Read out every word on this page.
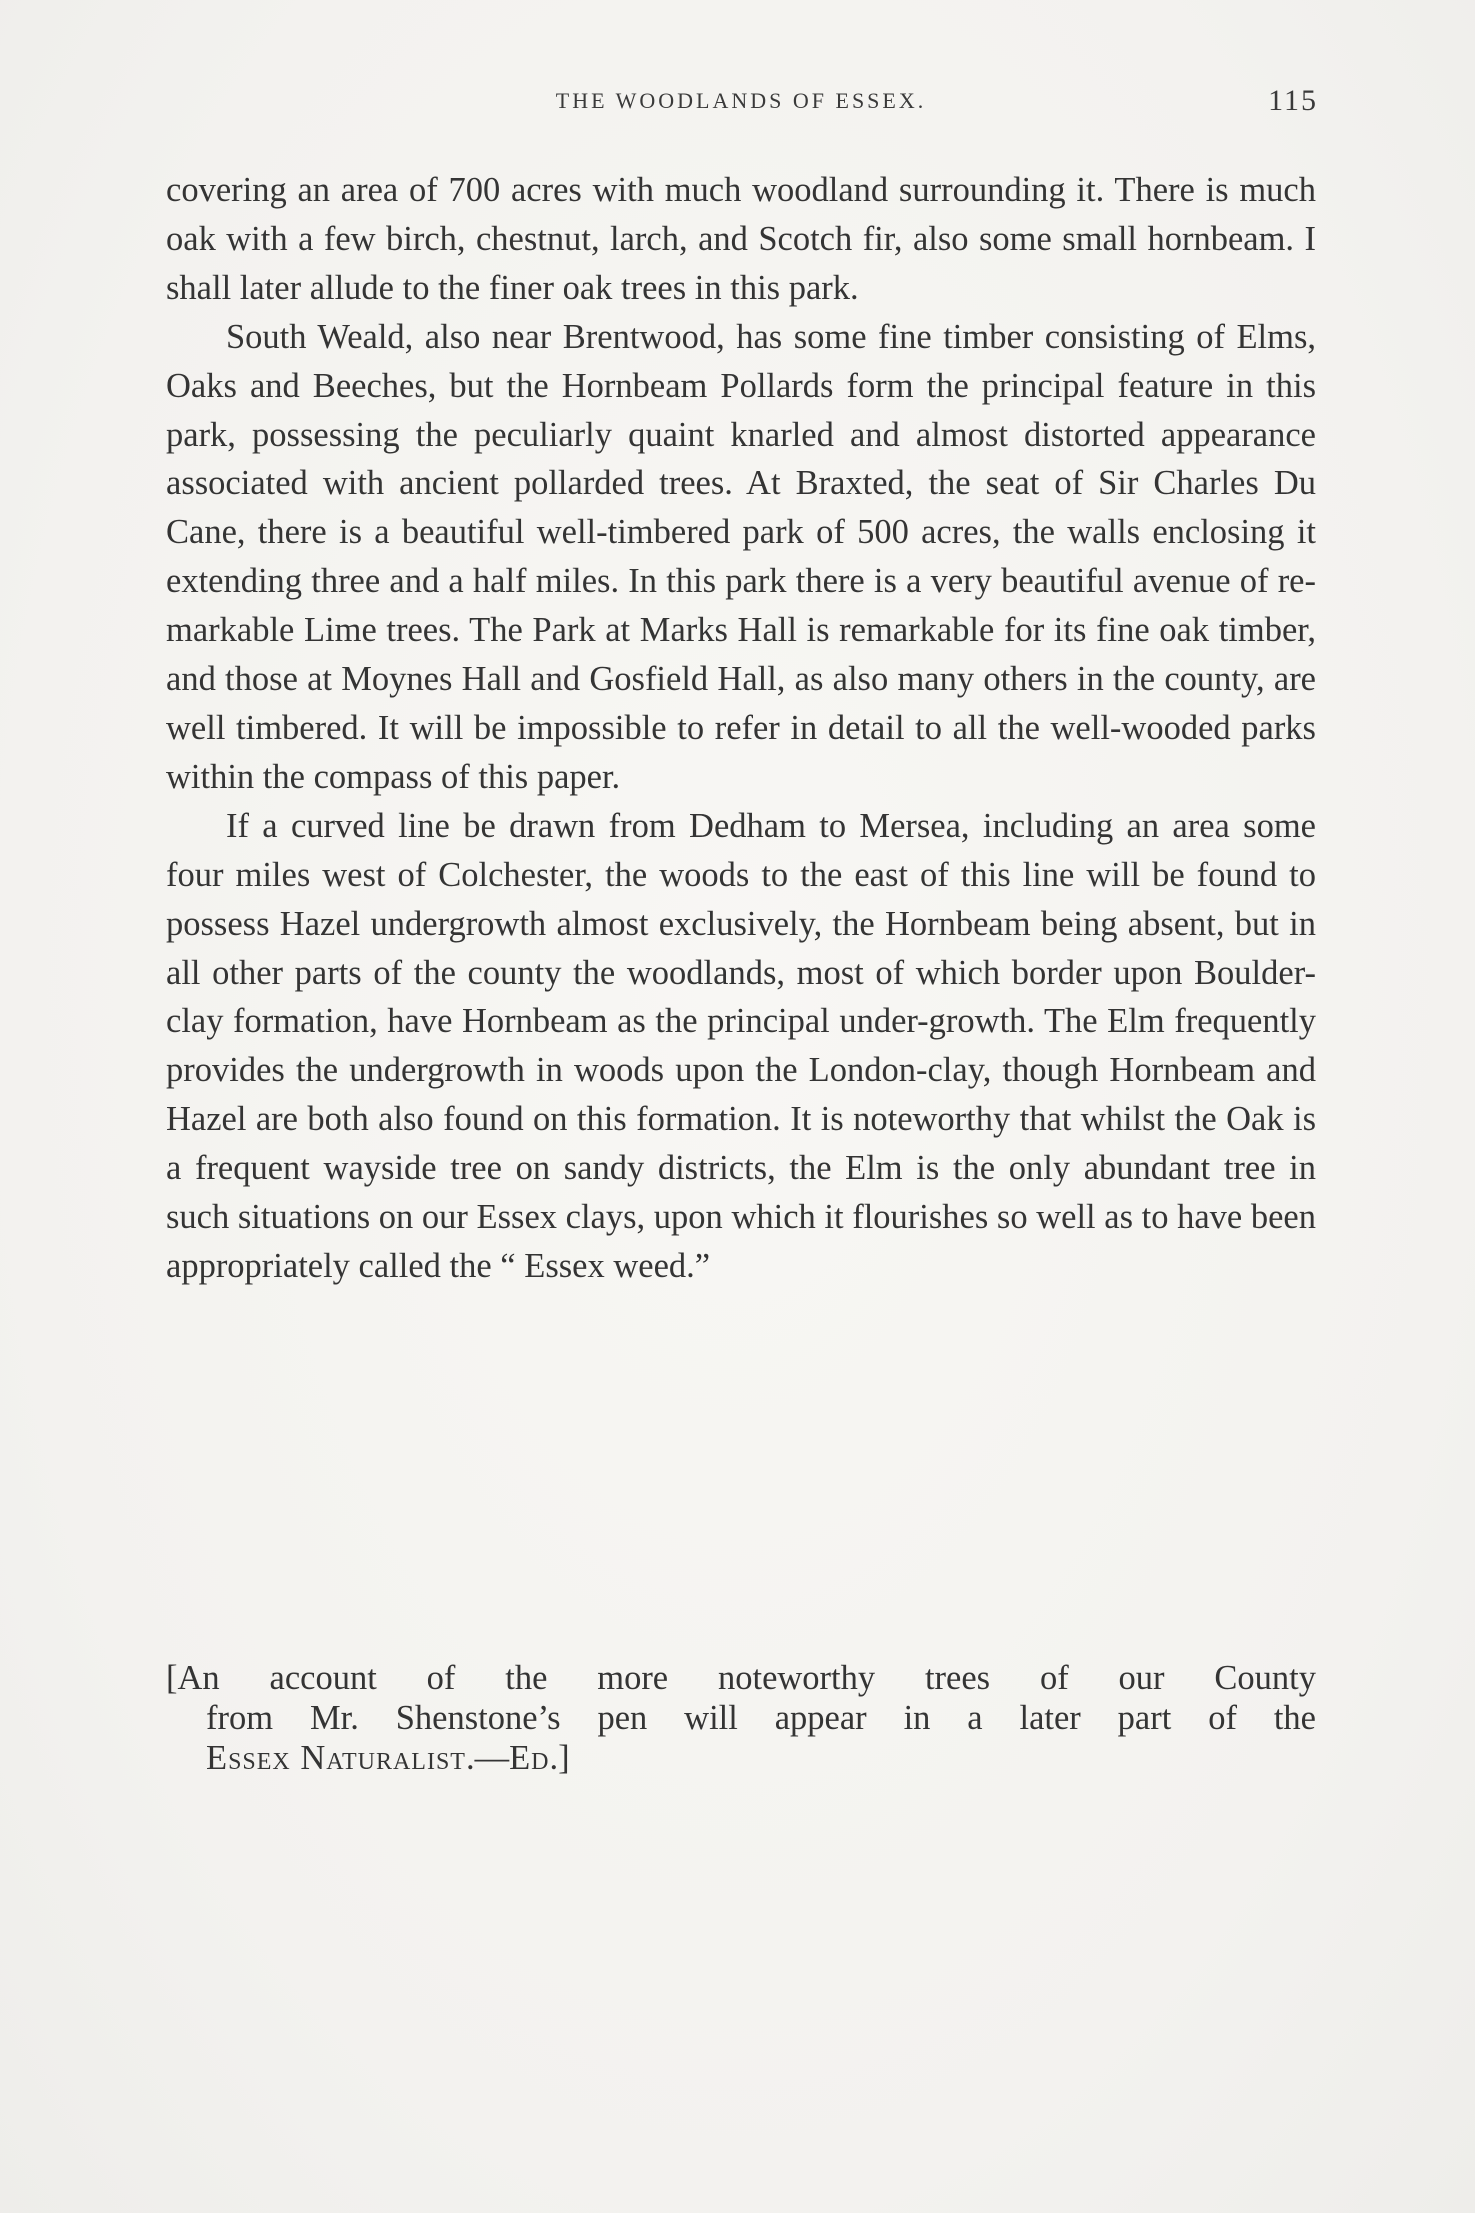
THE WOODLANDS OF ESSEX.	115

covering an area of 700 acres with much woodland surrounding it. There is much oak with a few birch, chestnut, larch, and Scotch fir, also some small hornbeam. I shall later allude to the finer oak trees in this park.

South Weald, also near Brentwood, has some fine timber consisting of Elms, Oaks and Beeches, but the Hornbeam Pollards form the principal feature in this park, possessing the peculiarly quaint knarled and almost distorted appearance associated with ancient pollarded trees. At Braxted, the seat of Sir Charles Du Cane, there is a beautiful well-timbered park of 500 acres, the walls enclosing it extending three and a half miles. In this park there is a very beautiful avenue of re-markable Lime trees. The Park at Marks Hall is remarkable for its fine oak timber, and those at Moynes Hall and Gosfield Hall, as also many others in the county, are well timbered. It will be impossible to refer in detail to all the well-wooded parks within the compass of this paper.

If a curved line be drawn from Dedham to Mersea, including an area some four miles west of Colchester, the woods to the east of this line will be found to possess Hazel undergrowth almost exclusively, the Hornbeam being absent, but in all other parts of the county the woodlands, most of which border upon Boulder-clay formation, have Hornbeam as the principal under-growth. The Elm frequently provides the undergrowth in woods upon the London-clay, though Hornbeam and Hazel are both also found on this formation. It is noteworthy that whilst the Oak is a frequent wayside tree on sandy districts, the Elm is the only abundant tree in such situations on our Essex clays, upon which it flourishes so well as to have been appropriately called the “ Essex weed.”

[An account of the more noteworthy trees of our County
from Mr. Shenstone’s pen will appear in a later part of the
Essex Naturalist.—Ed.]
